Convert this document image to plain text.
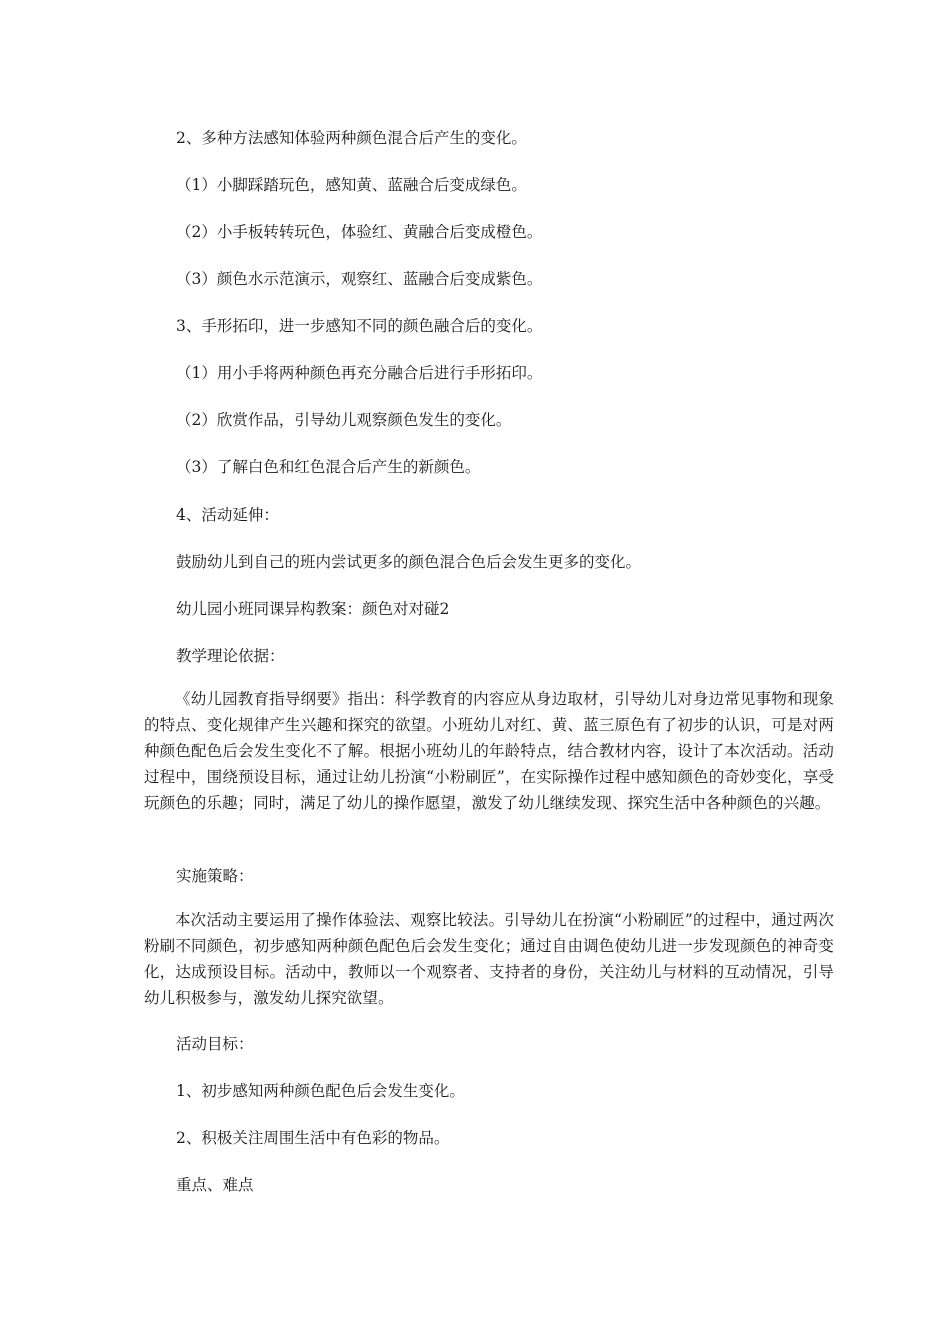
2、多种方法感知体验两种颜色混合后产生的变化。

（1）小脚踩踏玩色，感知黄、蓝融合后变成绿色。

（2）小手板转转玩色，体验红、黄融合后变成橙色。

（3）颜色水示范演示，观察红、蓝融合后变成紫色。

3、手形拓印，进一步感知不同的颜色融合后的变化。

（1）用小手将两种颜色再充分融合后进行手形拓印。

（2）欣赏作品，引导幼儿观察颜色发生的变化。

（3）了解白色和红色混合后产生的新颜色。

4、活动延伸：

鼓励幼儿到自己的班内尝试更多的颜色混合色后会发生更多的变化。

幼儿园小班同课异构教案：颜色对对碰2

教学理论依据：

《幼儿园教育指导纲要》指出：科学教育的内容应从身边取材，引导幼儿对身边常见事物和现象的特点、变化规律产生兴趣和探究的欲望。小班幼儿对红、黄、蓝三原色有了初步的认识，可是对两种颜色配色后会发生变化不了解。根据小班幼儿的年龄特点，结合教材内容，设计了本次活动。活动过程中，围绕预设目标，通过让幼儿扮演“小粉刷匠”，在实际操作过程中感知颜色的奇妙变化，享受玩颜色的乐趣；同时，满足了幼儿的操作愿望，激发了幼儿继续发现、探究生活中各种颜色的兴趣。

实施策略：

本次活动主要运用了操作体验法、观察比较法。引导幼儿在扮演“小粉刷匠”的过程中，通过两次粉刷不同颜色，初步感知两种颜色配色后会发生变化；通过自由调色使幼儿进一步发现颜色的神奇变化，达成预设目标。活动中，教师以一个观察者、支持者的身份，关注幼儿与材料的互动情况，引导幼儿积极参与，激发幼儿探究欲望。

活动目标：

1、初步感知两种颜色配色后会发生变化。

2、积极关注周围生活中有色彩的物品。

重点、难点
